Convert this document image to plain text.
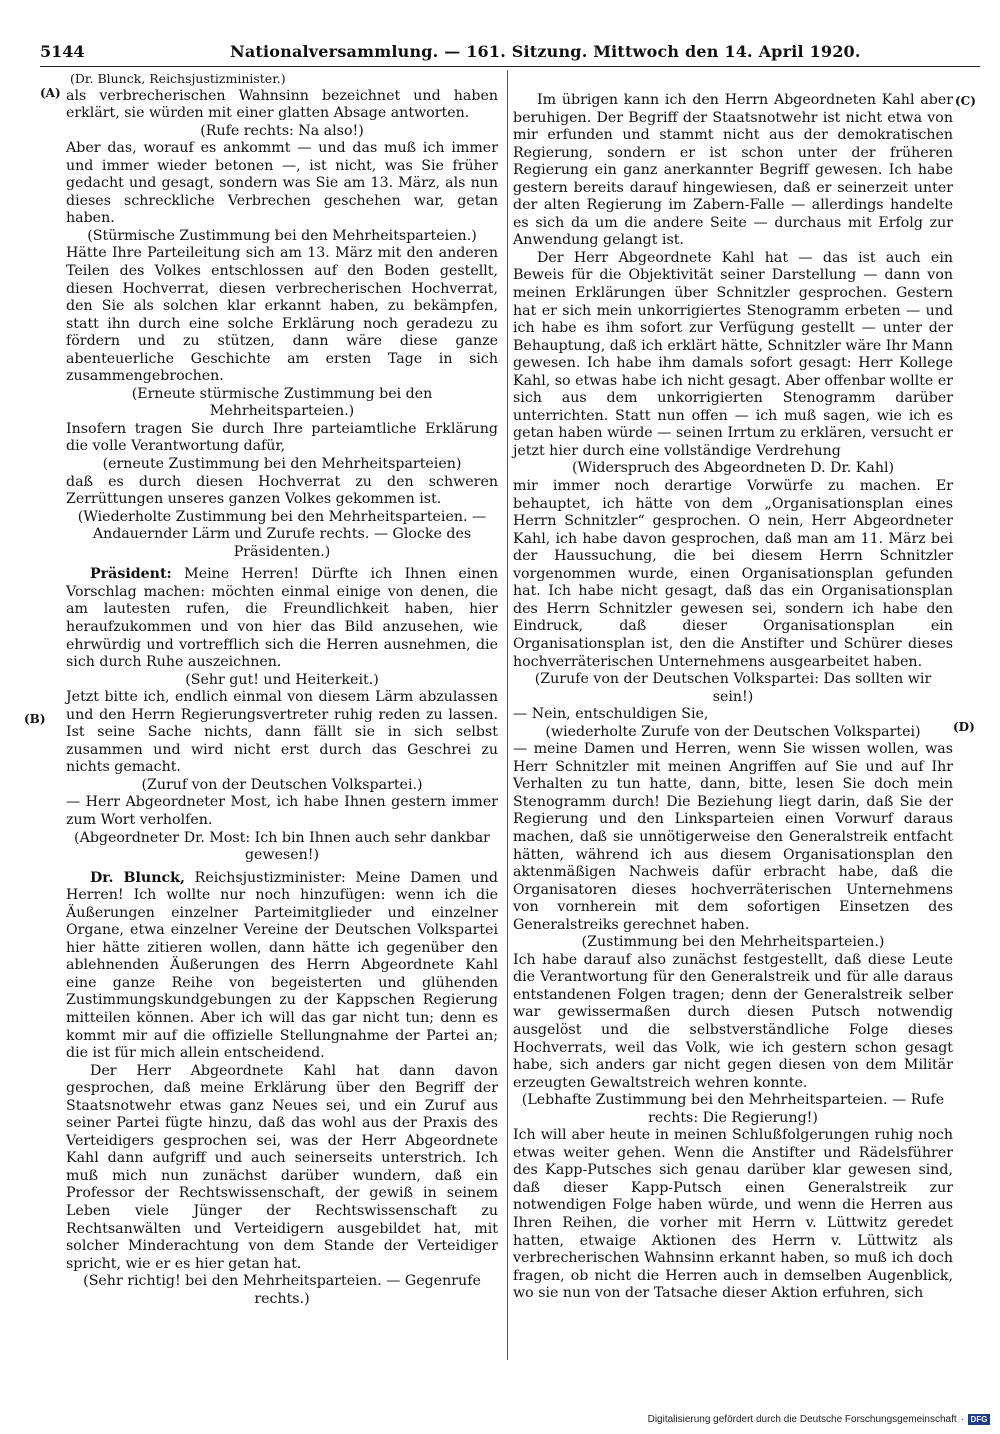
5144	Nationalversammlung. — 161. Sitzung. Mittwoch den 14. April 1920.
(A)
(B)
(C)
(D)

(Dr. Blunck, Reichsjustizminister.)

als verbrecherischen Wahnsinn bezeichnet und haben erklärt, sie würden mit einer glatten Absage antworten.

(Rufe rechts: Na also!)

Aber das, worauf es ankommt — und das muß ich immer und immer wieder betonen —, ist nicht, was Sie früher gedacht und gesagt, sondern was Sie am 13. März, als nun dieses schreckliche Verbrechen geschehen war, getan haben.

(Stürmische Zustimmung bei den Mehrheitsparteien.)

Hätte Ihre Parteileitung sich am 13. März mit den anderen Teilen des Volkes entschlossen auf den Boden gestellt, diesen Hochverrat, diesen verbrecherischen Hochverrat, den Sie als solchen klar erkannt haben, zu bekämpfen, statt ihn durch eine solche Erklärung noch geradezu zu fördern und zu stützen, dann wäre diese ganze abenteuerliche Geschichte am ersten Tage in sich zusammengebrochen.

(Erneute stürmische Zustimmung bei den Mehrheitsparteien.)

Insofern tragen Sie durch Ihre parteiamtliche Erklärung die volle Verantwortung dafür,

(erneute Zustimmung bei den Mehrheitsparteien)

daß es durch diesen Hochverrat zu den schweren Zerrüttungen unseres ganzen Volkes gekommen ist.

(Wiederholte Zustimmung bei den Mehrheitsparteien. — Andauernder Lärm und Zurufe rechts. — Glocke des Präsidenten.)

Präsident: Meine Herren! Dürfte ich Ihnen einen Vorschlag machen: möchten einmal einige von denen, die am lautesten rufen, die Freundlichkeit haben, hier heraufzukommen und von hier das Bild anzusehen, wie ehrwürdig und vortrefflich sich die Herren ausnehmen, die sich durch Ruhe auszeichnen.

(Sehr gut! und Heiterkeit.)

Jetzt bitte ich, endlich einmal von diesem Lärm abzulassen und den Herrn Regierungsvertreter ruhig reden zu lassen. Ist seine Sache nichts, dann fällt sie in sich selbst zusammen und wird nicht erst durch das Geschrei zu nichts gemacht.

(Zuruf von der Deutschen Volkspartei.)

— Herr Abgeordneter Most, ich habe Ihnen gestern immer zum Wort verholfen.

(Abgeordneter Dr. Most: Ich bin Ihnen auch sehr dankbar gewesen!)

Dr. Blunck, Reichsjustizminister: Meine Damen und Herren! Ich wollte nur noch hinzufügen: wenn ich die Äußerungen einzelner Parteimitglieder und einzelner Organe, etwa einzelner Vereine der Deutschen Volkspartei hier hätte zitieren wollen, dann hätte ich gegenüber den ablehnenden Äußerungen des Herrn Abgeordnete Kahl eine ganze Reihe von begeisterten und glühenden Zustimmungskundgebungen zu der Kappschen Regierung mitteilen können. Aber ich will das gar nicht tun; denn es kommt mir auf die offizielle Stellungnahme der Partei an; die ist für mich allein entscheidend.

Der Herr Abgeordnete Kahl hat dann davon gesprochen, daß meine Erklärung über den Begriff der Staatsnotwehr etwas ganz Neues sei, und ein Zuruf aus seiner Partei fügte hinzu, daß das wohl aus der Praxis des Verteidigers gesprochen sei, was der Herr Abgeordnete Kahl dann aufgriff und auch seinerseits unterstrich. Ich muß mich nun zunächst darüber wundern, daß ein Professor der Rechtswissenschaft, der gewiß in seinem Leben viele Jünger der Rechtswissenschaft zu Rechtsanwälten und Verteidigern ausgebildet hat, mit solcher Minderachtung von dem Stande der Verteidiger spricht, wie er es hier getan hat.

(Sehr richtig! bei den Mehrheitsparteien. — Gegenrufe rechts.)

Im übrigen kann ich den Herrn Abgeordneten Kahl aber beruhigen. Der Begriff der Staatsnotwehr ist nicht etwa von mir erfunden und stammt nicht aus der demokratischen Regierung, sondern er ist schon unter der früheren Regierung ein ganz anerkannter Begriff gewesen. Ich habe gestern bereits darauf hingewiesen, daß er seinerzeit unter der alten Regierung im Zabern-Falle — allerdings handelte es sich da um die andere Seite — durchaus mit Erfolg zur Anwendung gelangt ist.

Der Herr Abgeordnete Kahl hat — das ist auch ein Beweis für die Objektivität seiner Darstellung — dann von meinen Erklärungen über Schnitzler gesprochen. Gestern hat er sich mein unkorrigiertes Stenogramm erbeten — und ich habe es ihm sofort zur Verfügung gestellt — unter der Behauptung, daß ich erklärt hätte, Schnitzler wäre Ihr Mann gewesen. Ich habe ihm damals sofort gesagt: Herr Kollege Kahl, so etwas habe ich nicht gesagt. Aber offenbar wollte er sich aus dem unkorrigierten Stenogramm darüber unterrichten. Statt nun offen — ich muß sagen, wie ich es getan haben würde — seinen Irrtum zu erklären, versucht er jetzt hier durch eine vollständige Verdrehung

(Widerspruch des Abgeordneten D. Dr. Kahl)

mir immer noch derartige Vorwürfe zu machen. Er behauptet, ich hätte von dem „Organisationsplan eines Herrn Schnitzler“ gesprochen. O nein, Herr Abgeordneter Kahl, ich habe davon gesprochen, daß man am 11. März bei der Haussuchung, die bei diesem Herrn Schnitzler vorgenommen wurde, einen Organisationsplan gefunden hat. Ich habe nicht gesagt, daß das ein Organisationsplan des Herrn Schnitzler gewesen sei, sondern ich habe den Eindruck, daß dieser Organisationsplan ein Organisationsplan ist, den die Anstifter und Schürer dieses hochverräterischen Unternehmens ausgearbeitet haben.

(Zurufe von der Deutschen Volkspartei: Das sollten wir sein!)

— Nein, entschuldigen Sie,

(wiederholte Zurufe von der Deutschen Volkspartei)

— meine Damen und Herren, wenn Sie wissen wollen, was Herr Schnitzler mit meinen Angriffen auf Sie und auf Ihr Verhalten zu tun hatte, dann, bitte, lesen Sie doch mein Stenogramm durch! Die Beziehung liegt darin, daß Sie der Regierung und den Linksparteien einen Vorwurf daraus machen, daß sie unnötigerweise den Generalstreik entfacht hätten, während ich aus diesem Organisationsplan den aktenmäßigen Nachweis dafür erbracht habe, daß die Organisatoren dieses hochverräterischen Unternehmens von vornherein mit dem sofortigen Einsetzen des Generalstreiks gerechnet haben.

(Zustimmung bei den Mehrheitsparteien.)

Ich habe darauf also zunächst festgestellt, daß diese Leute die Verantwortung für den Generalstreik und für alle daraus entstandenen Folgen tragen; denn der Generalstreik selber war gewissermaßen durch diesen Putsch notwendig ausgelöst und die selbstverständliche Folge dieses Hochverrats, weil das Volk, wie ich gestern schon gesagt habe, sich anders gar nicht gegen diesen von dem Militär erzeugten Gewaltstreich wehren konnte.

(Lebhafte Zustimmung bei den Mehrheitsparteien. — Rufe rechts: Die Regierung!)

Ich will aber heute in meinen Schlußfolgerungen ruhig noch etwas weiter gehen. Wenn die Anstifter und Rädelsführer des Kapp-Putsches sich genau darüber klar gewesen sind, daß dieser Kapp-Putsch einen Generalstreik zur notwendigen Folge haben würde, und wenn die Herren aus Ihren Reihen, die vorher mit Herrn v. Lüttwitz geredet hatten, etwaige Aktionen des Herrn v. Lüttwitz als verbrecherischen Wahnsinn erkannt haben, so muß ich doch fragen, ob nicht die Herren auch in demselben Augenblick, wo sie nun von der Tatsache dieser Aktion erfuhren, sich

Digitalisierung gefördert durch die Deutsche Forschungsgemeinschaft · DFG
